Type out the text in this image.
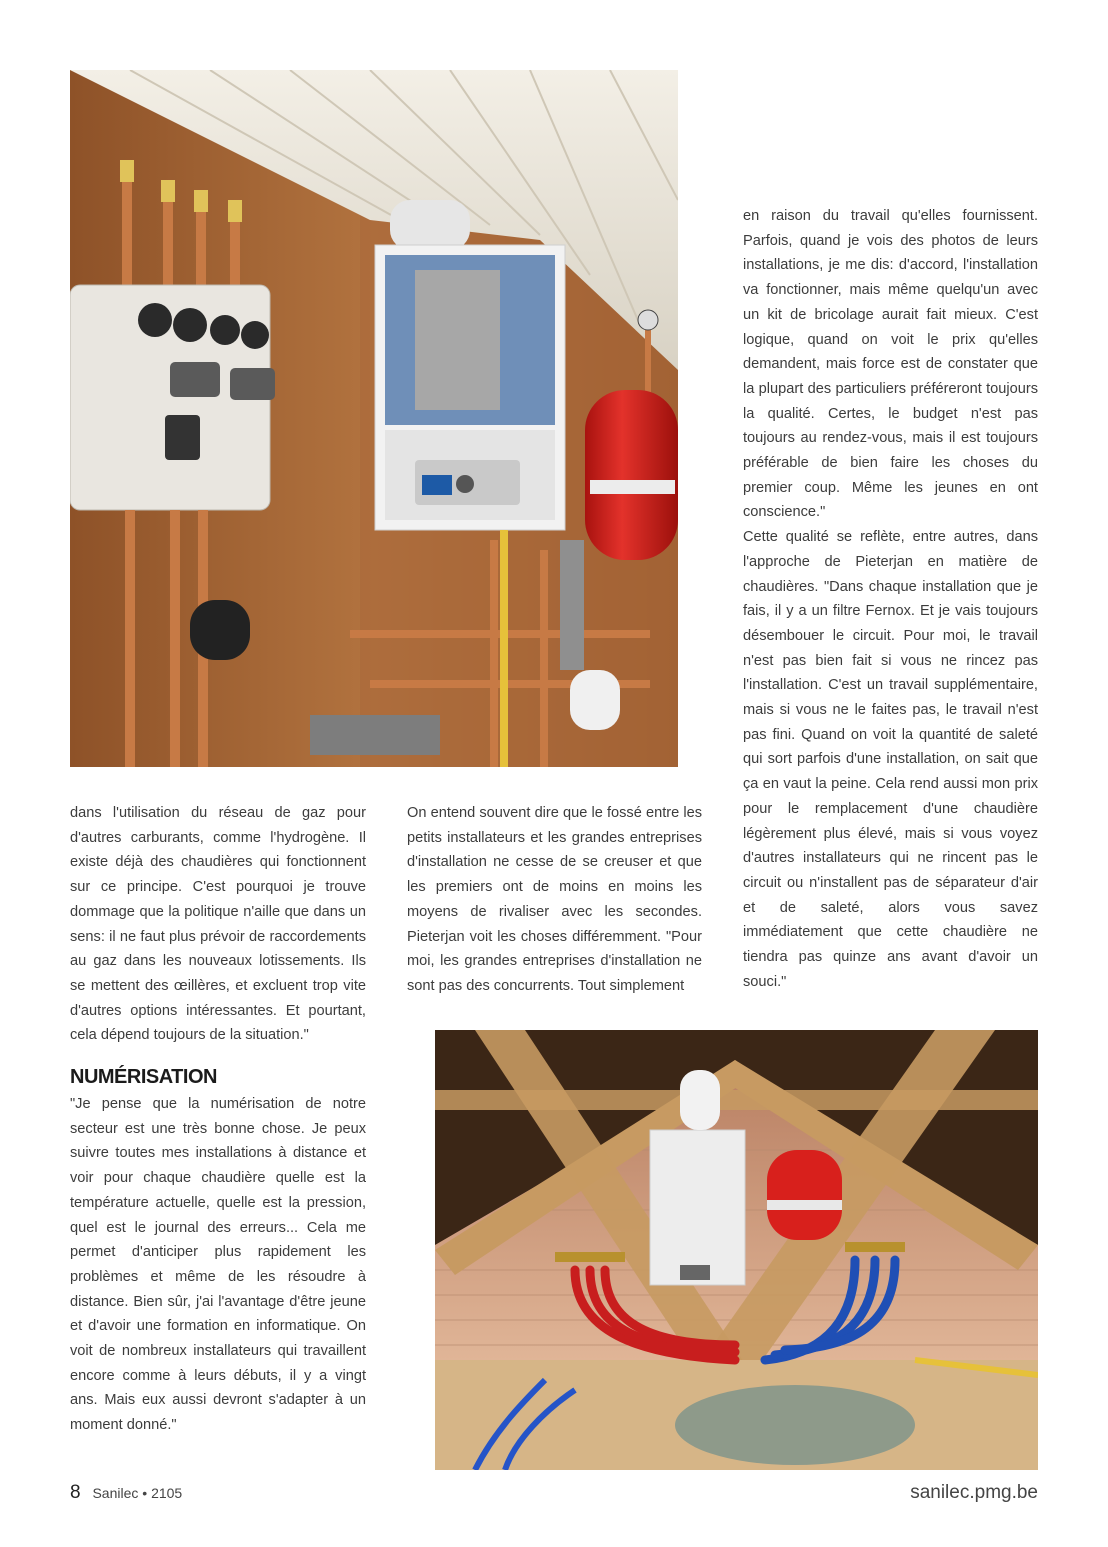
dans l'utilisation du réseau de gaz pour d'autres carburants, comme l'hydrogène. Il existe déjà des chaudières qui fonctionnent sur ce principe. C'est pourquoi je trouve dommage que la politique n'aille que dans un sens: il ne faut plus prévoir de raccordements au gaz dans les nouveaux lotissements. Ils se mettent des œillères, et excluent trop vite d'autres options intéressantes. Et pourtant, cela dépend toujours de la situation."

NUMÉRISATION

"Je pense que la numérisation de notre secteur est une très bonne chose. Je peux suivre toutes mes installations à distance et voir pour chaque chaudière quelle est la température actuelle, quelle est la pression, quel est le journal des erreurs... Cela me permet d'anticiper plus rapidement les problèmes et même de les résoudre à distance. Bien sûr, j'ai l'avantage d'être jeune et d'avoir une formation en informatique. On voit de nombreux installateurs qui travaillent encore comme à leurs débuts, il y a vingt ans. Mais eux aussi devront s'adapter à un moment donné."

On entend souvent dire que le fossé entre les petits installateurs et les grandes entreprises d'installation ne cesse de se creuser et que les premiers ont de moins en moins les moyens de rivaliser avec les secondes. Pieterjan voit les choses différemment. "Pour moi, les grandes entreprises d'installation ne sont pas des concurrents. Tout simplement

en raison du travail qu'elles fournissent. Parfois, quand je vois des photos de leurs installations, je me dis: d'accord, l'installation va fonctionner, mais même quelqu'un avec un kit de bricolage aurait fait mieux. C'est logique, quand on voit le prix qu'elles demandent, mais force est de constater que la plupart des particuliers préféreront toujours la qualité. Certes, le budget n'est pas toujours au rendez-vous, mais il est toujours préférable de bien faire les choses du premier coup. Même les jeunes en ont conscience."

Cette qualité se reflète, entre autres, dans l'approche de Pieterjan en matière de chaudières. "Dans chaque installation que je fais, il y a un filtre Fernox. Et je vais toujours désembouer le circuit. Pour moi, le travail n'est pas bien fait si vous ne rincez pas l'installation. C'est un travail supplémentaire, mais si vous ne le faites pas, le travail n'est pas fini. Quand on voit la quantité de saleté qui sort parfois d'une installation, on sait que ça en vaut la peine. Cela rend aussi mon prix pour le remplacement d'une chaudière légèrement plus élevé, mais si vous voyez d'autres installateurs qui ne rincent pas le circuit ou n'installent pas de séparateur d'air et de saleté, alors vous savez immédiatement que cette chaudière ne tiendra pas quinze ans avant d'avoir un souci."

8 Sanilec • 2105	sanilec.pmg.be
